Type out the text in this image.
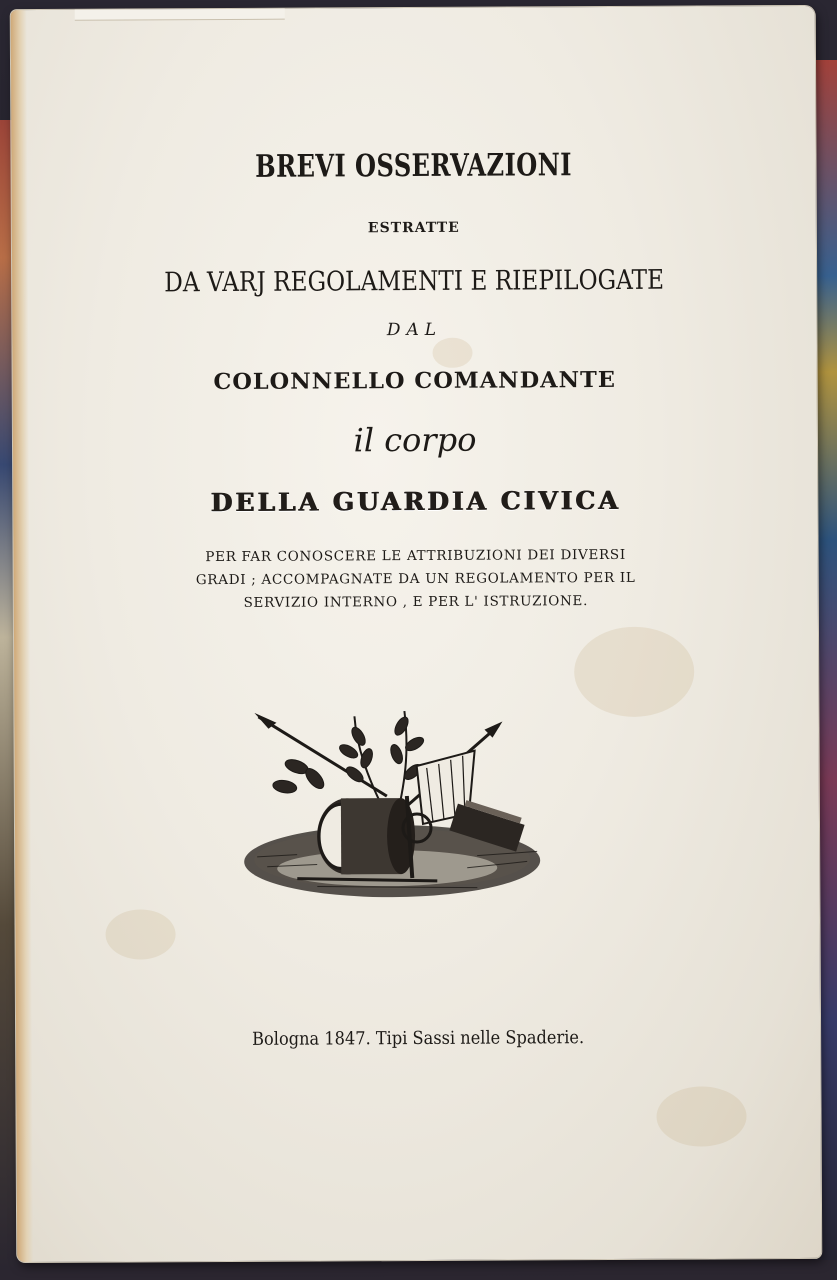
BREVI OSSERVAZIONI
ESTRATTE
DA VARJ REGOLAMENTI E RIEPILOGATE
DAL
COLONNELLO COMANDANTE
il corpo
DELLA GUARDIA CIVICA
PER FAR CONOSCERE LE ATTRIBUZIONI DEI DIVERSI
GRADI ; ACCOMPAGNATE DA UN REGOLAMENTO PER IL
SERVIZIO INTERNO , E PER L' ISTRUZIONE.
Bologna 1847. Tipi Sassi nelle Spaderie.
